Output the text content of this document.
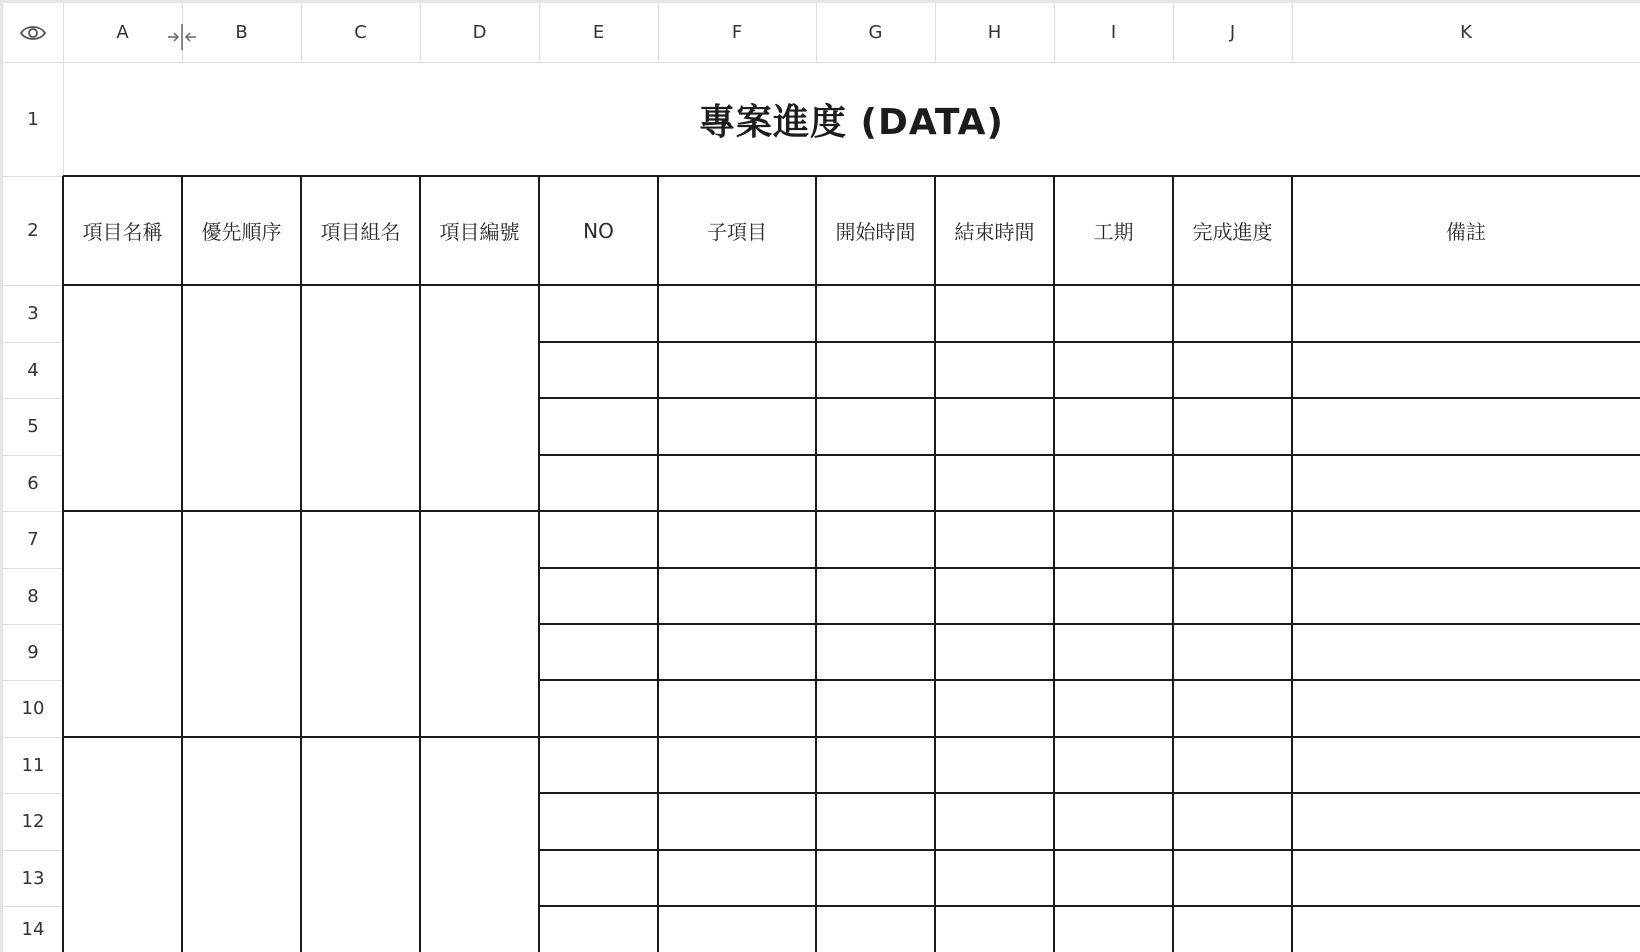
A	B	C	D	E	F	G	H	I	J	K
1
2
3
4
5
6
7
8
9
10
11
12
13
14
專案進度 (DATA)
項目名稱	優先順序	項目組名	項目編號	NO	子項目	開始時間	結束時間	工期	完成進度	備註
